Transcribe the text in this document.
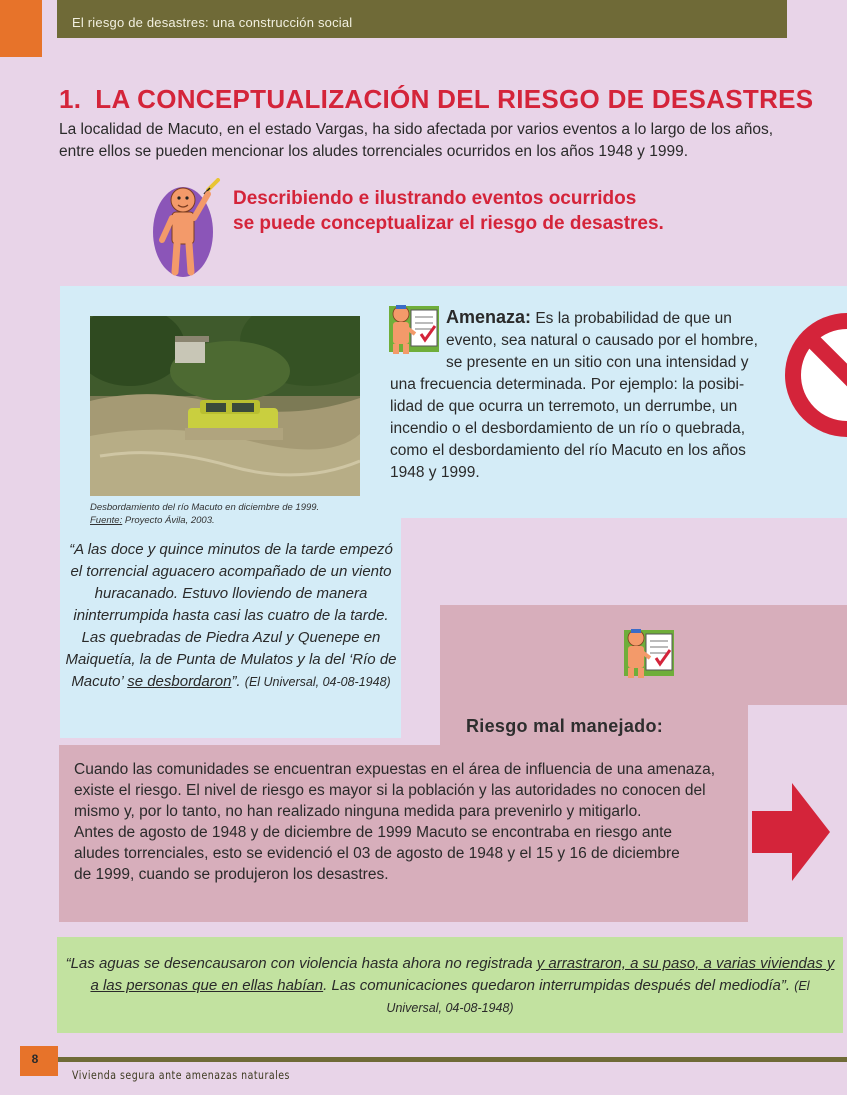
El riesgo de desastres: una construcción social
1. LA CONCEPTUALIZACIÓN DEL RIESGO DE DESASTRES
La localidad de Macuto, en el estado Vargas, ha sido afectada por varios eventos a lo largo de los años, entre ellos se pueden mencionar los aludes torrenciales ocurridos en los años 1948 y 1999.
Describiendo e ilustrando eventos ocurridos
se puede conceptualizar el riesgo de desastres.
Desbordamiento del río Macuto en diciembre de 1999.
Fuente: Proyecto Ávila, 2003.
Amenaza: Es la probabilidad de que un
evento, sea natural o causado por el hombre,
se presente en un sitio con una intensidad y
una frecuencia determinada. Por ejemplo: la posibi-
lidad de que ocurra un terremoto, un derrumbe, un
incendio o el desbordamiento de un río o quebrada,
como el desbordamiento del río Macuto en los años
1948 y 1999.
“A las doce y quince minutos de la tarde empezó el torrencial aguacero acompañado de un viento huracanado. Estuvo lloviendo de manera ininterrumpida hasta casi las cuatro de la tarde. Las quebradas de Piedra Azul y Quenepe en Maiquetía, la de Punta de Mulatos y la del ‘Río de Macuto’ se desbordaron”. (El Universal, 04-08-1948)
Riesgo mal manejado:
Cuando las comunidades se encuentran expuestas en el área de influencia de una amenaza,
existe el riesgo. El nivel de riesgo es mayor si la población y las autoridades no conocen del
mismo y, por lo tanto, no han realizado ninguna medida para prevenirlo y mitigarlo.
Antes de agosto de 1948 y de diciembre de 1999 Macuto se encontraba en riesgo ante
aludes torrenciales, esto se evidenció el 03 de agosto de 1948 y el 15 y 16 de diciembre
de 1999, cuando se produjeron los desastres.
“Las aguas se desencausaron con violencia hasta ahora no registrada y arrastraron, a su paso, a varias viviendas y a las personas que en ellas habían. Las comunicaciones quedaron interrumpidas después del mediodía”. (El Universal, 04-08-1948)
8
Vivienda segura ante amenazas naturales
